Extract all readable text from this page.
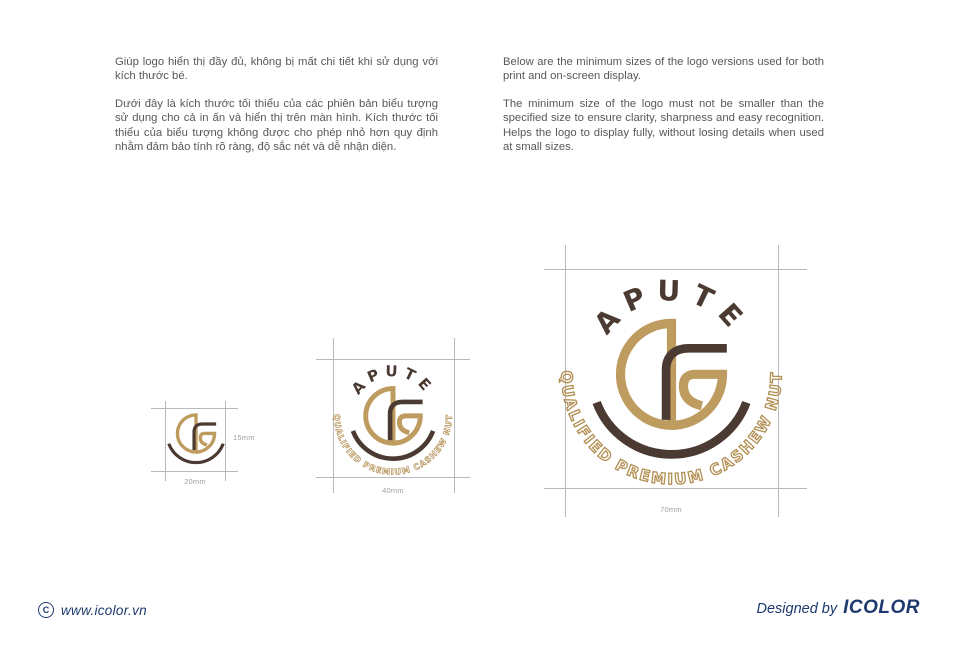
Giúp logo hiển thị đầy đủ, không bị mất chi tiết khi sử dụng với kích thước bé.

Dưới đây là kích thước tối thiểu của các phiên bản biểu tượng sử dụng cho cả in ấn và hiển thị trên màn hình. Kích thước tối thiểu của biểu tượng không được cho phép nhỏ hơn quy định nhằm đảm bảo tính rõ ràng, độ sắc nét và dễ nhận diện.

Below are the minimum sizes of the logo versions used for both print and on-screen display.

The minimum size of the logo must not be smaller than the specified size to ensure clarity, sharpness and easy recognition. Helps the logo to display fully, without losing details when used at small sizes.

15mm
20mm
APUTE
QUALIFIED PREMIUM CASHEW NUT
40mm
APUTE
QUALIFIED PREMIUM CASHEW NUT
70mm
C www.icolor.vn	Designed by ICOLOR
